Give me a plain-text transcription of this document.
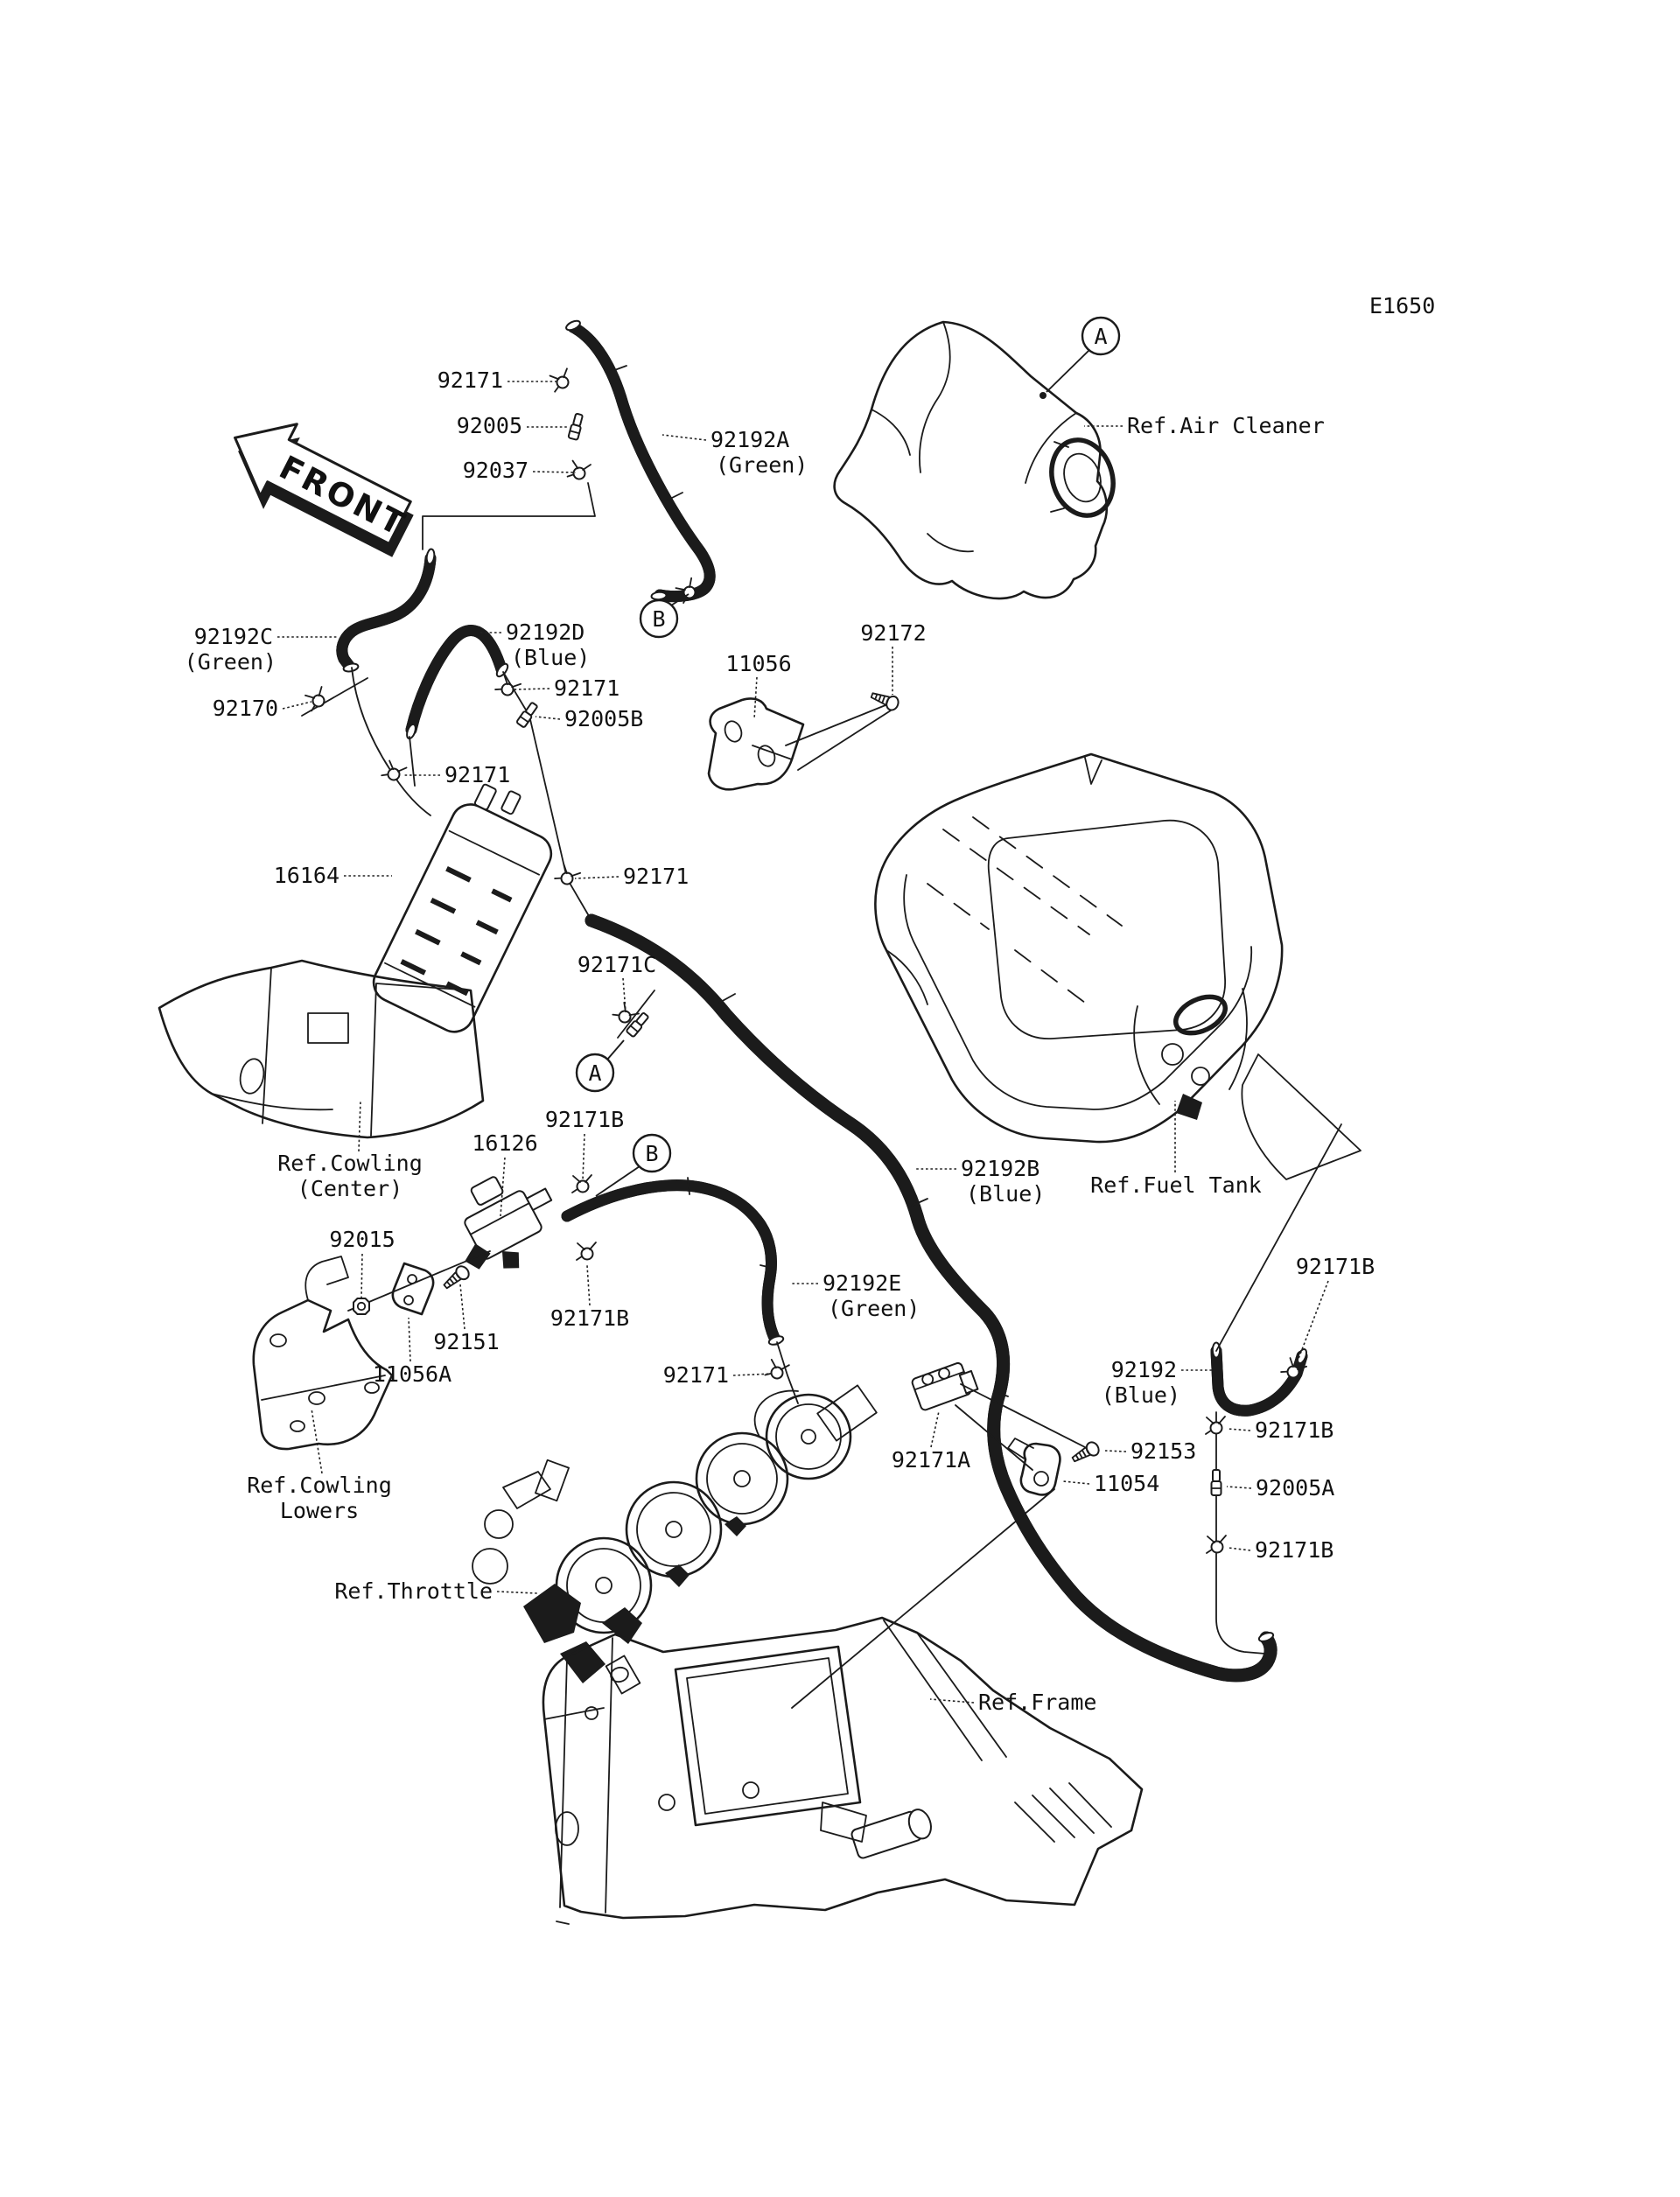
FRONT
E1650
92171
92005
92037
92192A
(Green)
Ref.Air Cleaner
92192C
(Green)
92192D
(Blue)
92170
92171
92005B
11056
92172
92171
16164	92171
92171C
Ref.Cowling
(Center)
16126
92171B
92015
92151
11056A
92171B
92192E
(Green)
92171
Ref.Cowling
Lowers
Ref.Throttle
92192B
(Blue) Ref.Fuel Tank
92171B
92192
(Blue)
92171B
92153
11054	92005A
92171B
92171A
Ref.Frame
A
B
A
B
